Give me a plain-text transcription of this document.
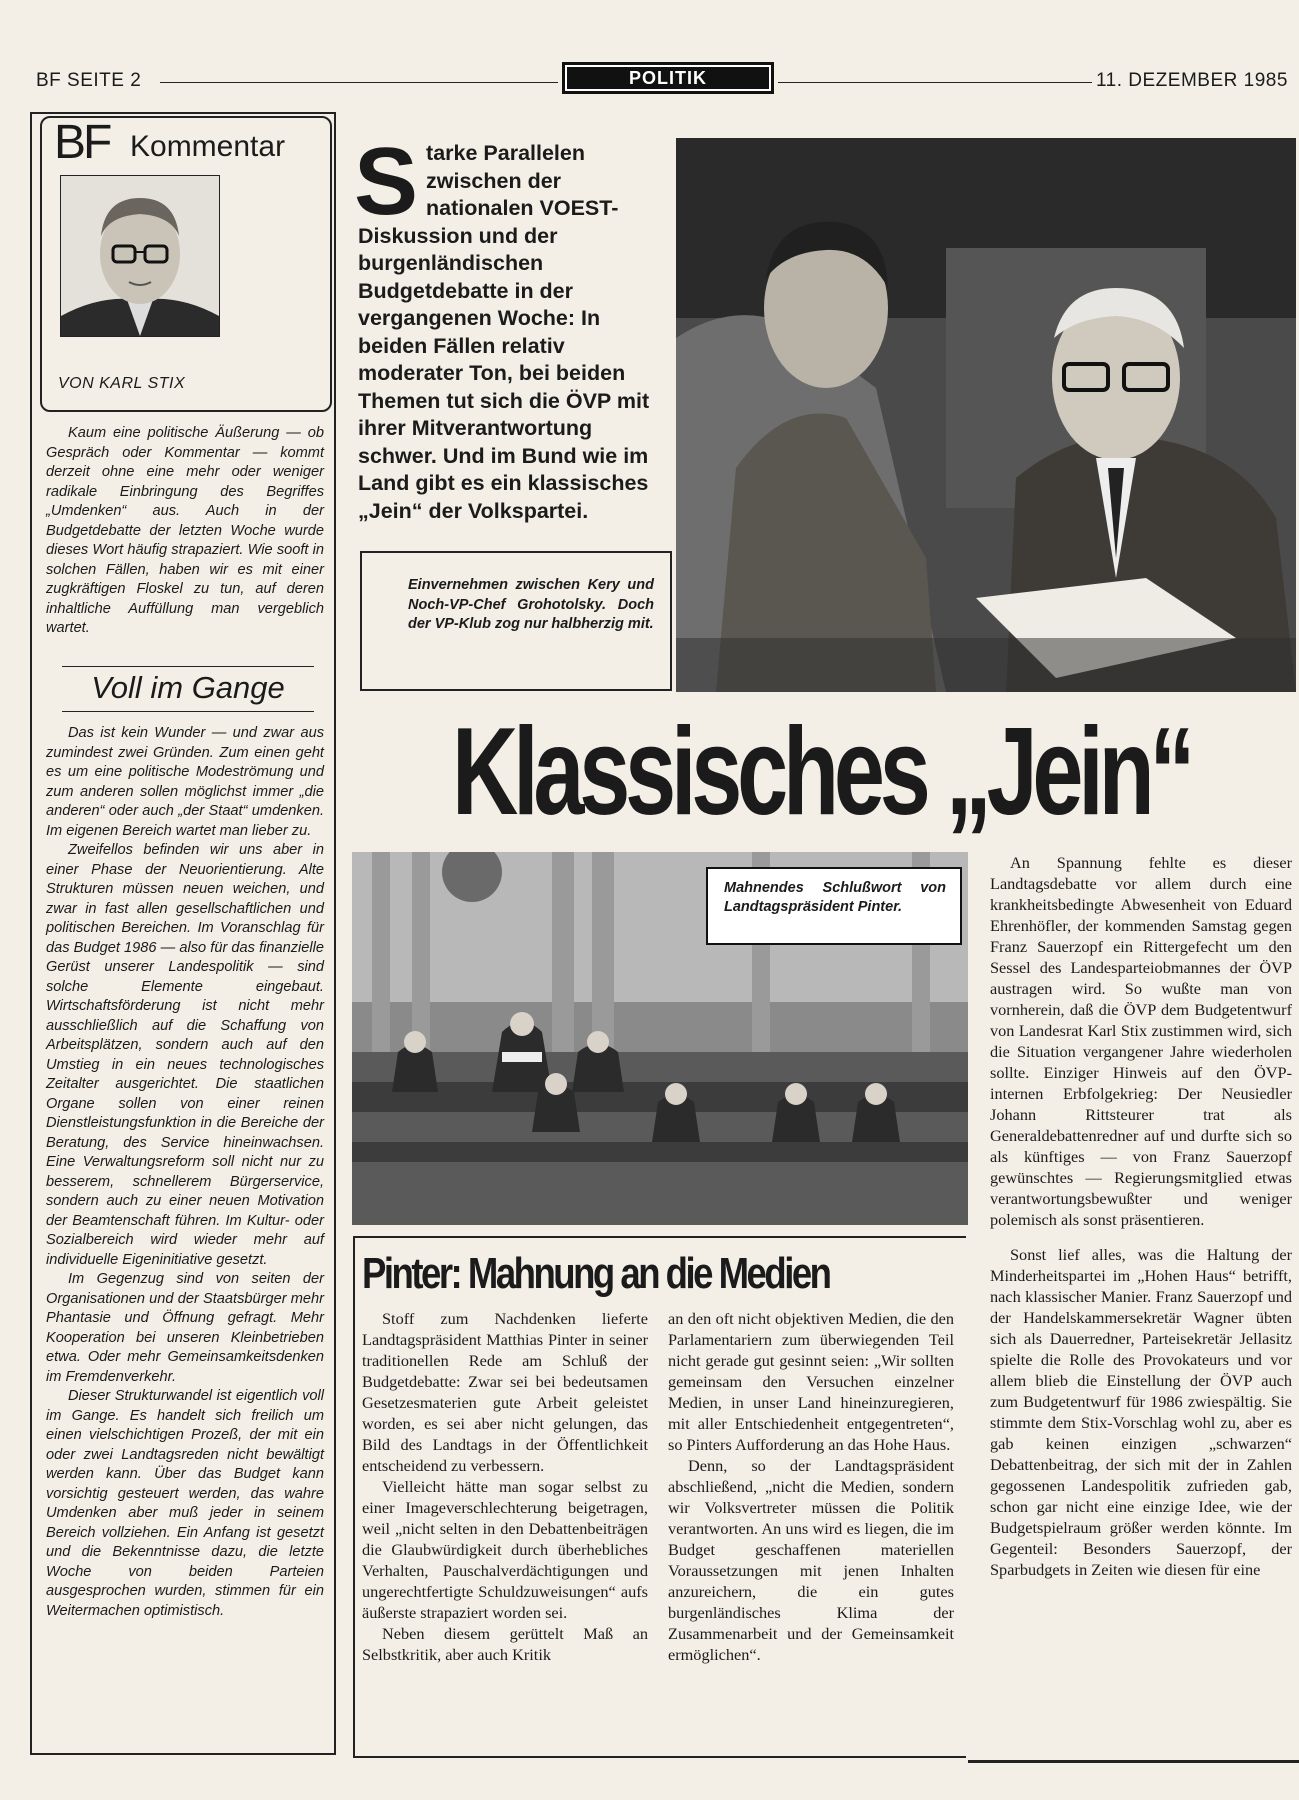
BF SEITE 2	POLITIK	11. DEZEMBER 1985
BF Kommentar
VON KARL STIX

Kaum eine politische Äußerung — ob Gespräch oder Kommentar — kommt derzeit ohne eine mehr oder weniger radikale Einbringung des Begriffes „Umdenken“ aus. Auch in der Budgetdebatte der letzten Woche wurde dieses Wort häufig strapaziert. Wie sooft in solchen Fällen, haben wir es mit einer zugkräftigen Floskel zu tun, auf deren inhaltliche Auffüllung man vergeblich wartet.

Voll im Gange

Das ist kein Wunder — und zwar aus zumindest zwei Gründen. Zum einen geht es um eine politische Modeströmung und zum anderen sollen möglichst immer „die anderen“ oder auch „der Staat“ umdenken. Im eigenen Bereich wartet man lieber zu.

Zweifellos befinden wir uns aber in einer Phase der Neuorientierung. Alte Strukturen müssen neuen weichen, und zwar in fast allen gesellschaftlichen und politischen Bereichen. Im Voranschlag für das Budget 1986 — also für das finanzielle Gerüst unserer Landespolitik — sind solche Elemente eingebaut. Wirtschaftsförderung ist nicht mehr ausschließlich auf die Schaffung von Arbeitsplätzen, sondern auch auf den Umstieg in ein neues technologisches Zeitalter ausgerichtet. Die staatlichen Organe sollen von einer reinen Dienstleistungsfunktion in die Bereiche der Beratung, des Service hineinwachsen. Eine Verwaltungsreform soll nicht nur zu besserem, schnellerem Bürgerservice, sondern auch zu einer neuen Motivation der Beamtenschaft führen. Im Kultur- oder Sozialbereich wird wieder mehr auf individuelle Eigeninitiative gesetzt.

Im Gegenzug sind von seiten der Organisationen und der Staatsbürger mehr Phantasie und Öffnung gefragt. Mehr Kooperation bei unseren Kleinbetrieben etwa. Oder mehr Gemeinsamkeitsdenken im Fremdenverkehr.

Dieser Strukturwandel ist eigentlich voll im Gange. Es handelt sich freilich um einen vielschichtigen Prozeß, der mit ein oder zwei Landtagsreden nicht bewältigt werden kann. Über das Budget kann vorsichtig gesteuert werden, das wahre Umdenken aber muß jeder in seinem Bereich vollziehen. Ein Anfang ist gesetzt und die Bekenntnisse dazu, die letzte Woche von beiden Parteien ausgesprochen wurden, stimmen für ein Weitermachen optimistisch.

Starke Parallelen zwischen der nationalen VOEST-Diskussion und der burgenländischen Budgetdebatte in der vergangenen Woche: In beiden Fällen relativ moderater Ton, bei beiden Themen tut sich die ÖVP mit ihrer Mitverantwortung schwer. Und im Bund wie im Land gibt es ein klassisches „Jein“ der Volkspartei.
Einvernehmen zwischen Kery und Noch-VP-Chef Grohotolsky. Doch der VP-Klub zog nur halbherzig mit.
Klassisches „Jein“
Mahnendes Schlußwort von Landtagspräsident Pinter.
Pinter: Mahnung an die Medien

Stoff zum Nachdenken lieferte Landtagspräsident Matthias Pinter in seiner traditionellen Rede am Schluß der Budgetdebatte: Zwar sei bei bedeutsamen Gesetzesmaterien gute Arbeit geleistet worden, es sei aber nicht gelungen, das Bild des Landtags in der Öffentlichkeit entscheidend zu verbessern.

Vielleicht hätte man sogar selbst zu einer Imageverschlechterung beigetragen, weil „nicht selten in den Debattenbeiträgen die Glaubwürdigkeit durch überhebliches Verhalten, Pauschalverdächtigungen und ungerechtfertigte Schuldzuweisungen“ aufs äußerste strapaziert worden sei.

Neben diesem gerüttelt Maß an Selbstkritik, aber auch Kritik

an den oft nicht objektiven Medien, die den Parlamentariern zum überwiegenden Teil nicht gerade gut gesinnt seien: „Wir sollten gemeinsam den Versuchen einzelner Medien, in unser Land hineinzuregieren, mit aller Entschiedenheit entgegentreten“, so Pinters Aufforderung an das Hohe Haus.

Denn, so der Landtagspräsident abschließend, „nicht die Medien, sondern wir Volksvertreter müssen die Politik verantworten. An uns wird es liegen, die im Budget geschaffenen materiellen Voraussetzungen mit jenen Inhalten anzureichern, die ein gutes burgenländisches Klima der Zusammenarbeit und der Gemeinsamkeit ermöglichen“.

An Spannung fehlte es dieser Landtagsdebatte vor allem durch eine krankheitsbedingte Abwesenheit von Eduard Ehrenhöfler, der kommenden Samstag gegen Franz Sauerzopf ein Rittergefecht um den Sessel des Landesparteiobmannes der ÖVP austragen wird. So wußte man von vornherein, daß die ÖVP dem Budgetentwurf von Landesrat Karl Stix zustimmen wird, sich die Situation vergangener Jahre wiederholen sollte. Einziger Hinweis auf den ÖVP-internen Erbfolgekrieg: Der Neusiedler Johann Rittsteurer trat als Generaldebattenredner auf und durfte sich so als künftiges — von Franz Sauerzopf gewünschtes — Regierungsmitglied etwas verantwortungsbewußter und weniger polemisch als sonst präsentieren.

Sonst lief alles, was die Haltung der Minderheitspartei im „Hohen Haus“ betrifft, nach klassischer Manier. Franz Sauerzopf und der Handelskammersekretär Wagner übten sich als Dauerredner, Parteisekretär Jellasitz spielte die Rolle des Provokateurs und vor allem blieb die Einstellung der ÖVP auch zum Budgetentwurf für 1986 zwiespältig. Sie stimmte dem Stix-Vorschlag wohl zu, aber es gab keinen einzigen „schwarzen“ Debattenbeitrag, der sich mit der in Zahlen gegossenen Landespolitik zufrieden gab, schon gar nicht eine einzige Idee, wie der Budgetspielraum größer werden könnte. Im Gegenteil: Besonders Sauerzopf, der Sparbudgets in Zeiten wie diesen für eine
